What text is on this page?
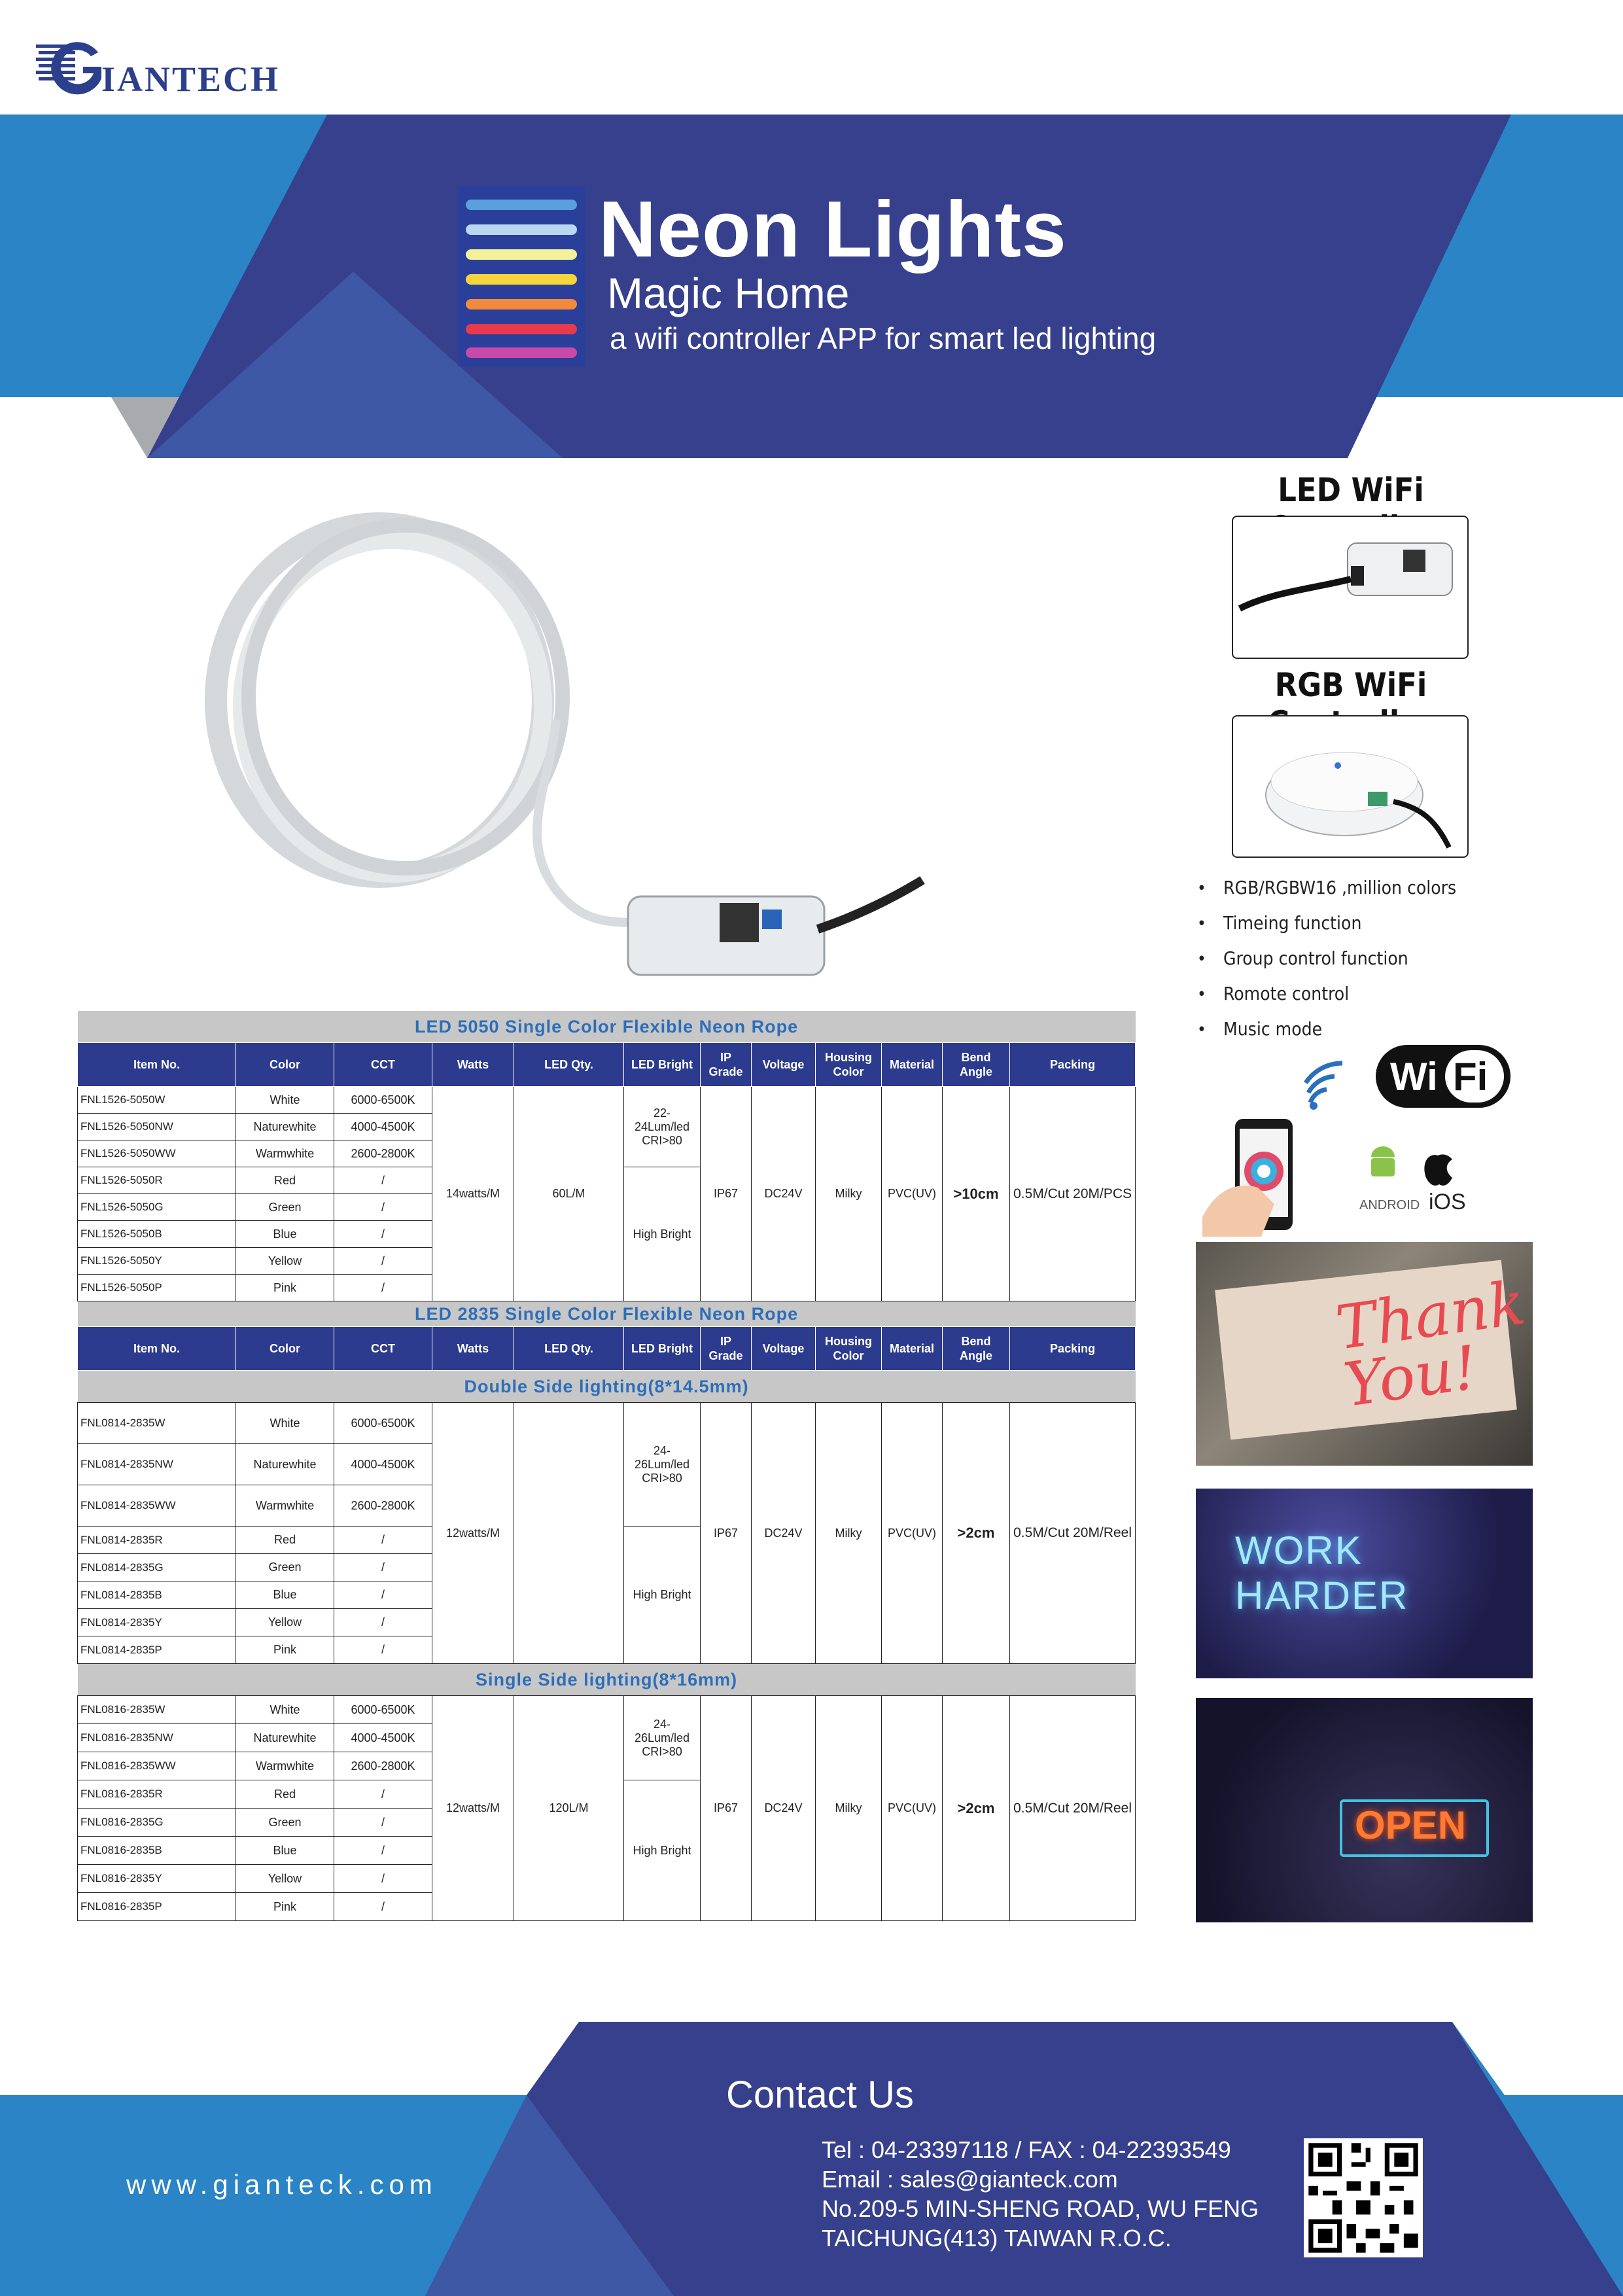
IANTECH
Neon Lights
Magic Home
a wifi controller APP for smart led lighting
LED WiFi
RGB WiFi
• RGB/RGBW16 ,million colors
• Timeing function
• Group control function
• Romote control
• Music mode
ANDROID iOS
Wi Fi
Thank You!
WORK HARDER
OPEN
LED 5050 Single Color Flexible Neon Rope											
Item No.	Color	CCT	Watts	LED Qty.	LED Bright	IP Grade	Voltage	Housing Color	Material	Bend Angle	Packing
FNL1526-5050W	White	6000-6500K	14watts/M	60L/M	22-24Lum/led CRI>80	IP67	DC24V	Milky	PVC(UV)	>10cm	0.5M/Cut 20M/PCS
FNL1526-5050NW	Naturewhite	4000-4500K									
FNL1526-5050WW	Warmwhite	2600-2800K									
FNL1526-5050R	Red	/			High Bright						
FNL1526-5050G	Green	/									
FNL1526-5050B	Blue	/									
FNL1526-5050Y	Yellow	/									
FNL1526-5050P	Pink	/									
LED 2835 Single Color Flexible Neon Rope											
Item No.	Color	CCT	Watts	LED Qty.	LED Bright	IP Grade	Voltage	Housing Color	Material	Bend Angle	Packing
Double Side lighting(8*14.5mm)											
FNL0814-2835W	White	6000-6500K	12watts/M		24-26Lum/led CRI>80	IP67	DC24V	Milky	PVC(UV)	>2cm	0.5M/Cut 20M/Reel
FNL0814-2835NW	Naturewhite	4000-4500K									
FNL0814-2835WW	Warmwhite	2600-2800K									
FNL0814-2835R	Red	/			High Bright						
FNL0814-2835G	Green	/									
FNL0814-2835B	Blue	/									
FNL0814-2835Y	Yellow	/									
FNL0814-2835P	Pink	/									
Single Side lighting(8*16mm)											
FNL0816-2835W	White	6000-6500K	12watts/M	120L/M	24-26Lum/led CRI>80	IP67	DC24V	Milky	PVC(UV)	>2cm	0.5M/Cut 20M/Reel
FNL0816-2835NW	Naturewhite	4000-4500K									
FNL0816-2835WW	Warmwhite	2600-2800K									
FNL0816-2835R	Red	/			High Bright						
FNL0816-2835G	Green	/									
FNL0816-2835B	Blue	/									
FNL0816-2835Y	Yellow	/									
FNL0816-2835P	Pink	/									
Contact Us
Tel : 04-23397118 / FAX : 04-22393549
Email : sales@gianteck.com
No.209-5 MIN-SHENG ROAD, WU FENG
TAICHUNG(413) TAIWAN R.O.C.
www.gianteck.com
